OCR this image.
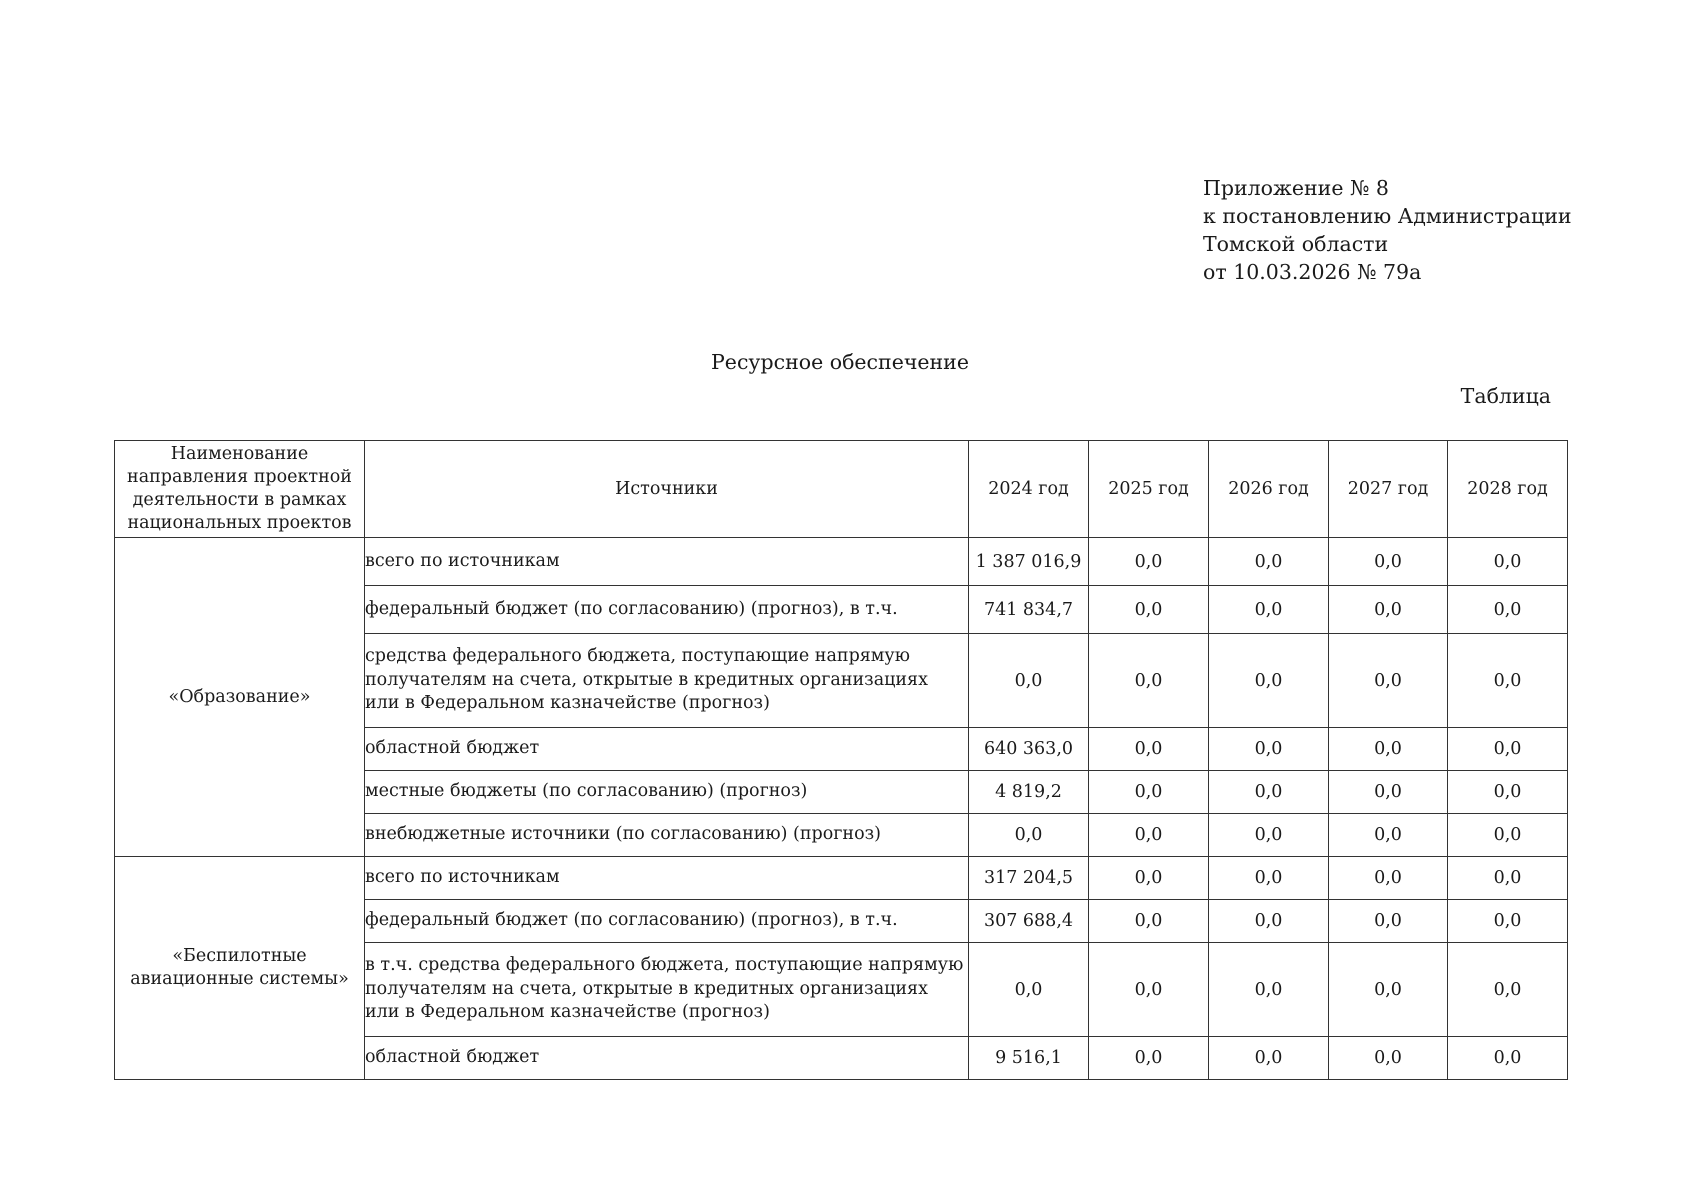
Приложение № 8
к постановлению Администрации
Томской области
от 10.03.2026 № 79а
Ресурсное обеспечение
Таблица
Наименование
направления проектной
деятельности в рамках
национальных проектов	Источники	2024 год	2025 год	2026 год	2027 год	2028 год
«Образование»	всего по источникам	1 387 016,9	0,0	0,0	0,0	0,0
	федеральный бюджет (по согласованию) (прогноз), в т.ч.	741 834,7	0,0	0,0	0,0	0,0
	средства федерального бюджета, поступающие напрямую
получателям на счета, открытые в кредитных организациях
или в Федеральном казначействе (прогноз)	0,0	0,0	0,0	0,0	0,0
	областной бюджет	640 363,0	0,0	0,0	0,0	0,0
	местные бюджеты (по согласованию) (прогноз)	4 819,2	0,0	0,0	0,0	0,0
	внебюджетные источники (по согласованию) (прогноз)	0,0	0,0	0,0	0,0	0,0
«Беспилотные
авиационные системы»	всего по источникам	317 204,5	0,0	0,0	0,0	0,0
	федеральный бюджет (по согласованию) (прогноз), в т.ч.	307 688,4	0,0	0,0	0,0	0,0
	в т.ч. средства федерального бюджета, поступающие напрямую
получателям на счета, открытые в кредитных организациях
или в Федеральном казначействе (прогноз)	0,0	0,0	0,0	0,0	0,0
	областной бюджет	9 516,1	0,0	0,0	0,0	0,0
